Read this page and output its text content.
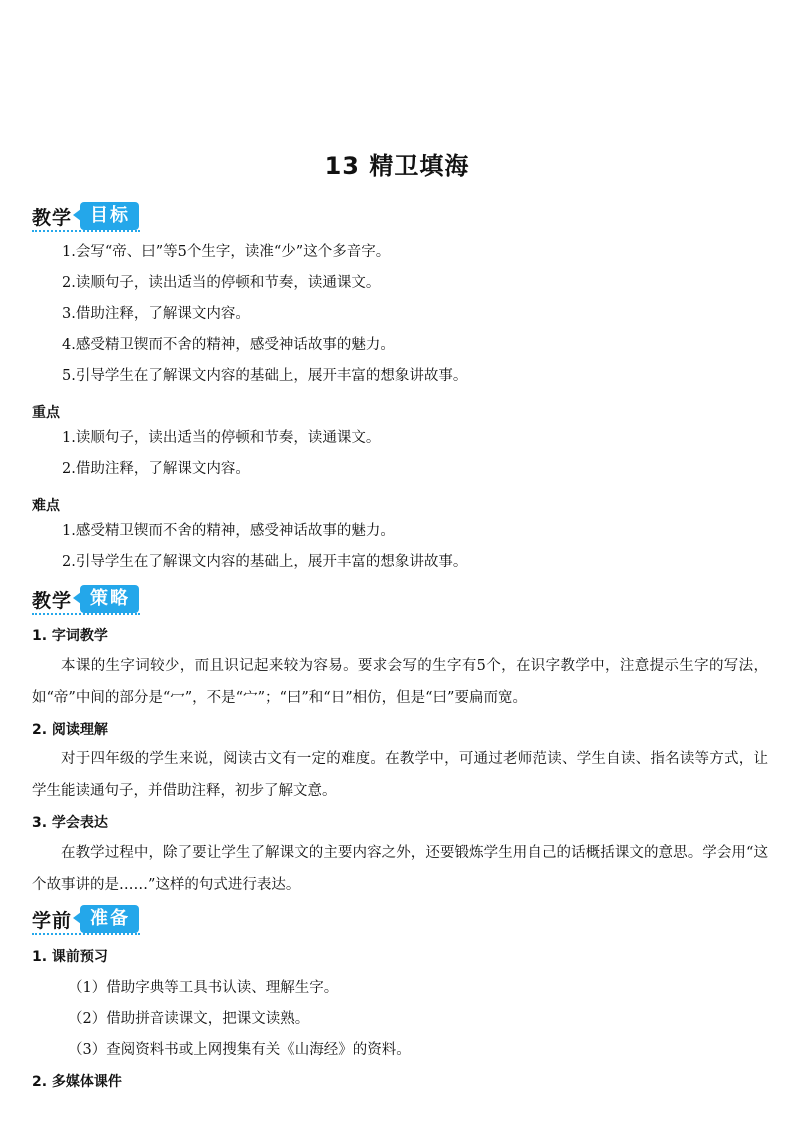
13 精卫填海
教学	目标
1.会写“帝、曰”等5个生字，读准“少”这个多音字。
2.读顺句子，读出适当的停顿和节奏，读通课文。
3.借助注释，了解课文内容。
4.感受精卫锲而不舍的精神，感受神话故事的魅力。
5.引导学生在了解课文内容的基础上，展开丰富的想象讲故事。
重点
1.读顺句子，读出适当的停顿和节奏，读通课文。
2.借助注释，了解课文内容。
难点
1.感受精卫锲而不舍的精神，感受神话故事的魅力。
2.引导学生在了解课文内容的基础上，展开丰富的想象讲故事。
教学	策略
1. 字词教学
本课的生字词较少，而且识记起来较为容易。要求会写的生字有5个，在识字教学中，注意提示生字的写法，如“帝”中间的部分是“冖”，不是“宀”；“曰”和“日”相仿，但是“曰”要扁而宽。
2. 阅读理解
对于四年级的学生来说，阅读古文有一定的难度。在教学中，可通过老师范读、学生自读、指名读等方式，让学生能读通句子，并借助注释，初步了解文意。
3. 学会表达
在教学过程中，除了要让学生了解课文的主要内容之外，还要锻炼学生用自己的话概括课文的意思。学会用“这个故事讲的是……”这样的句式进行表达。
学前	准备
1. 课前预习
（1）借助字典等工具书认读、理解生字。
（2）借助拼音读课文，把课文读熟。
（3）查阅资料书或上网搜集有关《山海经》的资料。
2. 多媒体课件
